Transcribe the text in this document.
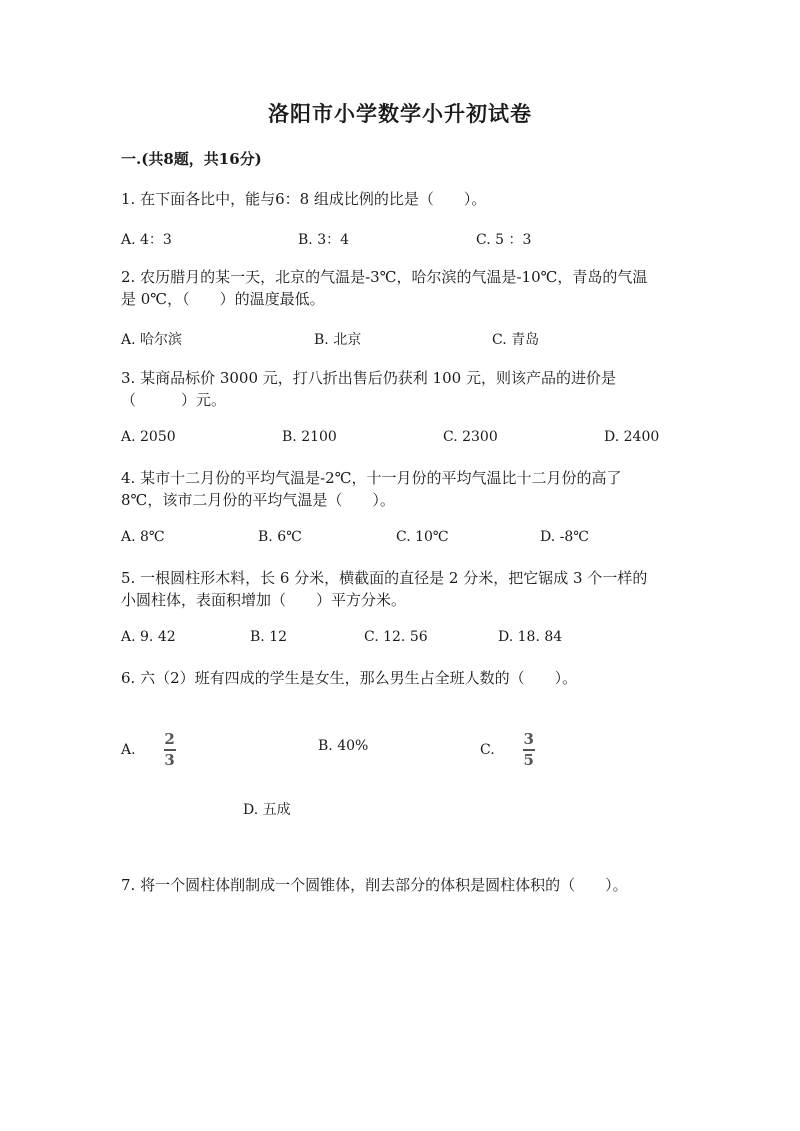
洛阳市小学数学小升初试卷
一.(共8题，共16分)
1. 在下面各比中，能与6：8 组成比例的比是（　　）。
A. 4：3	B. 3：4	C. 5 ：3
2. 农历腊月的某一天，北京的气温是-3℃，哈尔滨的气温是-10℃，青岛的气温
是 0℃，（　　）的温度最低。
A. 哈尔滨	B. 北京	C. 青岛
3. 某商品标价 3000 元，打八折出售后仍获利 100 元，则该产品的进价是
（　　　）元。
A. 2050	B. 2100	C. 2300	D. 2400
4. 某市十二月份的平均气温是-2℃，十一月份的平均气温比十二月份的高了
8℃，该市二月份的平均气温是（　　）。
A. 8℃	B. 6℃	C. 10℃	D. -8℃
5. 一根圆柱形木料，长 6 分米，横截面的直径是 2 分米，把它锯成 3 个一样的
小圆柱体，表面积增加（　　）平方分米。
A. 9. 42	B. 12	C. 12. 56	D. 18. 84
6. 六（2）班有四成的学生是女生，那么男生占全班人数的（　　）。
A. $\frac{2}{3}$	B. 40%	C. $\frac{3}{5}$
D. 五成
7. 将一个圆柱体削制成一个圆锥体，削去部分的体积是圆柱体积的（　　）。
